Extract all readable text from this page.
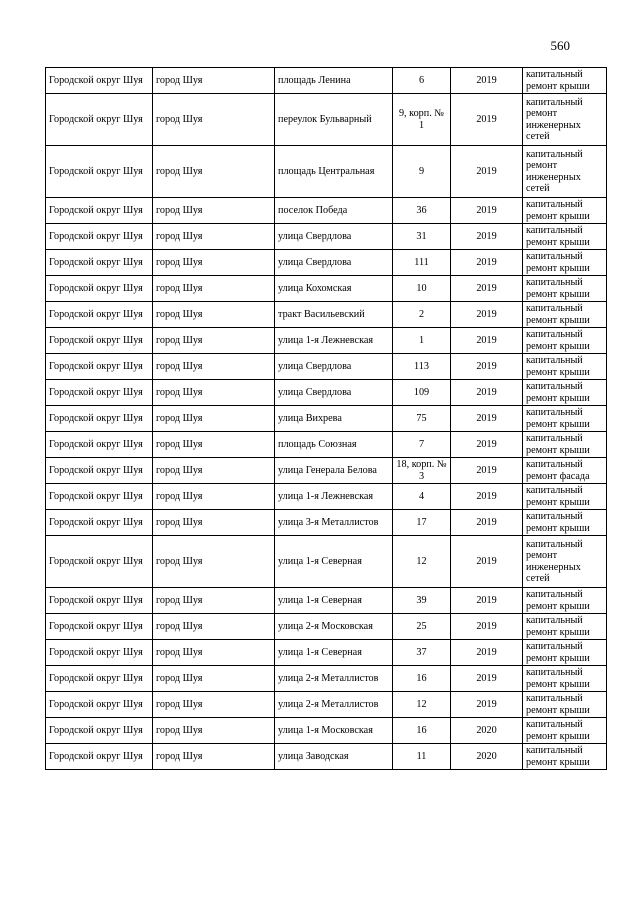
560
Городской округ Шуя	город Шуя	площадь Ленина	6	2019	капитальный ремонт крыши
Городской округ Шуя	город Шуя	переулок Бульварный	9, корп. № 1	2019	капитальный ремонт инженерных сетей
Городской округ Шуя	город Шуя	площадь Центральная	9	2019	капитальный ремонт инженерных сетей
Городской округ Шуя	город Шуя	поселок Победа	36	2019	капитальный ремонт крыши
Городской округ Шуя	город Шуя	улица Свердлова	31	2019	капитальный ремонт крыши
Городской округ Шуя	город Шуя	улица Свердлова	111	2019	капитальный ремонт крыши
Городской округ Шуя	город Шуя	улица Кохомская	10	2019	капитальный ремонт крыши
Городской округ Шуя	город Шуя	тракт Васильевский	2	2019	капитальный ремонт крыши
Городской округ Шуя	город Шуя	улица 1-я Лежневская	1	2019	капитальный ремонт крыши
Городской округ Шуя	город Шуя	улица Свердлова	113	2019	капитальный ремонт крыши
Городской округ Шуя	город Шуя	улица Свердлова	109	2019	капитальный ремонт крыши
Городской округ Шуя	город Шуя	улица Вихрева	75	2019	капитальный ремонт крыши
Городской округ Шуя	город Шуя	площадь Союзная	7	2019	капитальный ремонт крыши
Городской округ Шуя	город Шуя	улица Генерала Белова	18, корп. № 3	2019	капитальный ремонт фасада
Городской округ Шуя	город Шуя	улица 1-я Лежневская	4	2019	капитальный ремонт крыши
Городской округ Шуя	город Шуя	улица 3-я Металлистов	17	2019	капитальный ремонт крыши
Городской округ Шуя	город Шуя	улица 1-я Северная	12	2019	капитальный ремонт инженерных сетей
Городской округ Шуя	город Шуя	улица 1-я Северная	39	2019	капитальный ремонт крыши
Городской округ Шуя	город Шуя	улица 2-я Московская	25	2019	капитальный ремонт крыши
Городской округ Шуя	город Шуя	улица 1-я Северная	37	2019	капитальный ремонт крыши
Городской округ Шуя	город Шуя	улица 2-я Металлистов	16	2019	капитальный ремонт крыши
Городской округ Шуя	город Шуя	улица 2-я Металлистов	12	2019	капитальный ремонт крыши
Городской округ Шуя	город Шуя	улица 1-я Московская	16	2020	капитальный ремонт крыши
Городской округ Шуя	город Шуя	улица Заводская	11	2020	капитальный ремонт крыши
